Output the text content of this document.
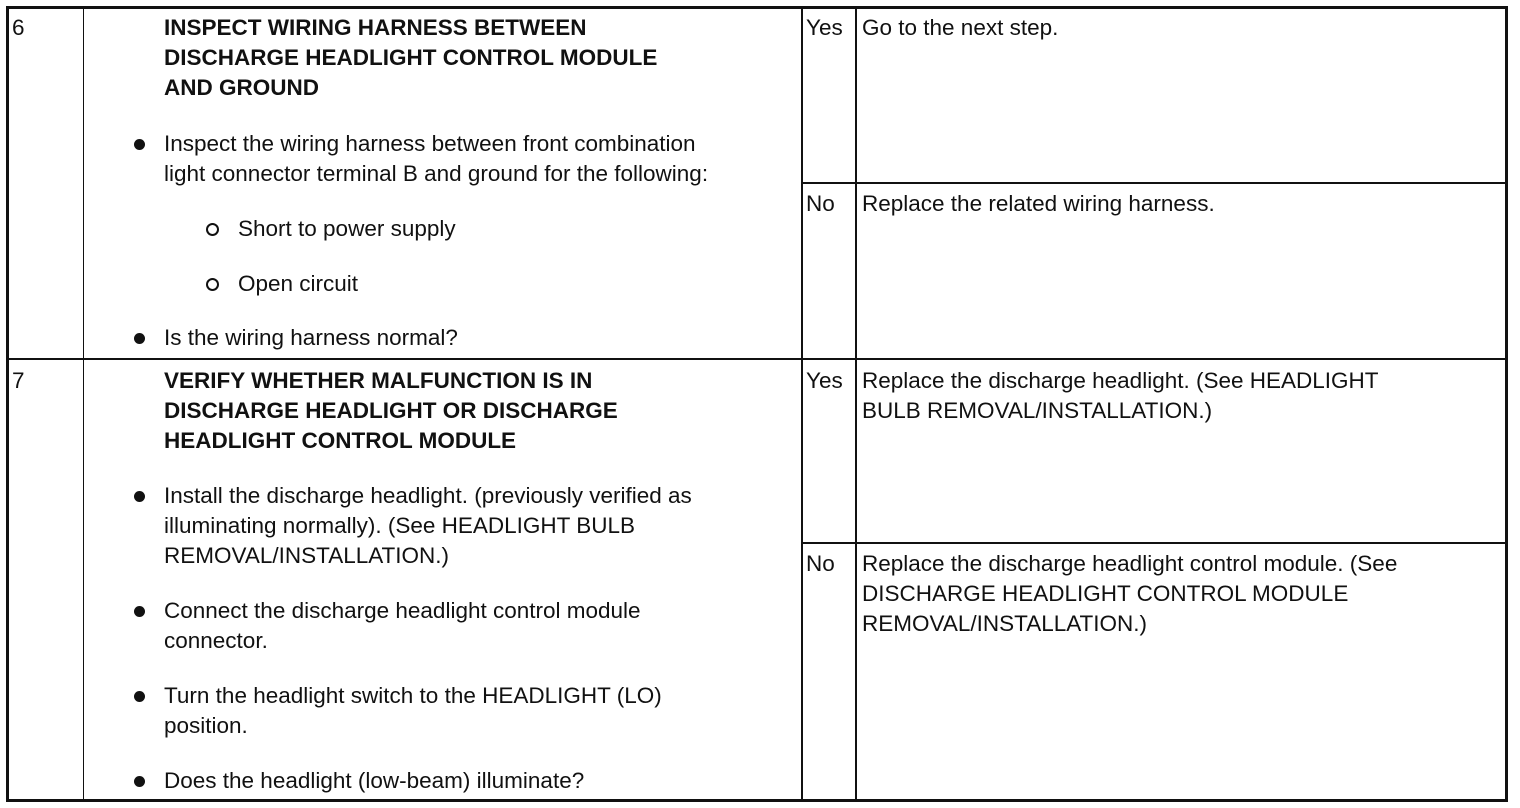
6	INSPECT WIRING HARNESS BETWEEN
DISCHARGE HEADLIGHT CONTROL MODULE
AND GROUND
Inspect the wiring harness between front combination
light connector terminal B and ground for the following:
Short to power supply
Open circuit
Is the wiring harness normal?
Yes Go to the next step.
No Replace the related wiring harness.
7	VERIFY WHETHER MALFUNCTION IS IN
DISCHARGE HEADLIGHT OR DISCHARGE
HEADLIGHT CONTROL MODULE
Install the discharge headlight. (previously verified as
illuminating normally). (See HEADLIGHT BULB
REMOVAL/INSTALLATION.)
Connect the discharge headlight control module
connector.
Turn the headlight switch to the HEADLIGHT (LO)
position.
Does the headlight (low-beam) illuminate?
Yes Replace the discharge headlight. (See HEADLIGHT
BULB REMOVAL/INSTALLATION.)
No Replace the discharge headlight control module. (See
DISCHARGE HEADLIGHT CONTROL MODULE
REMOVAL/INSTALLATION.)
